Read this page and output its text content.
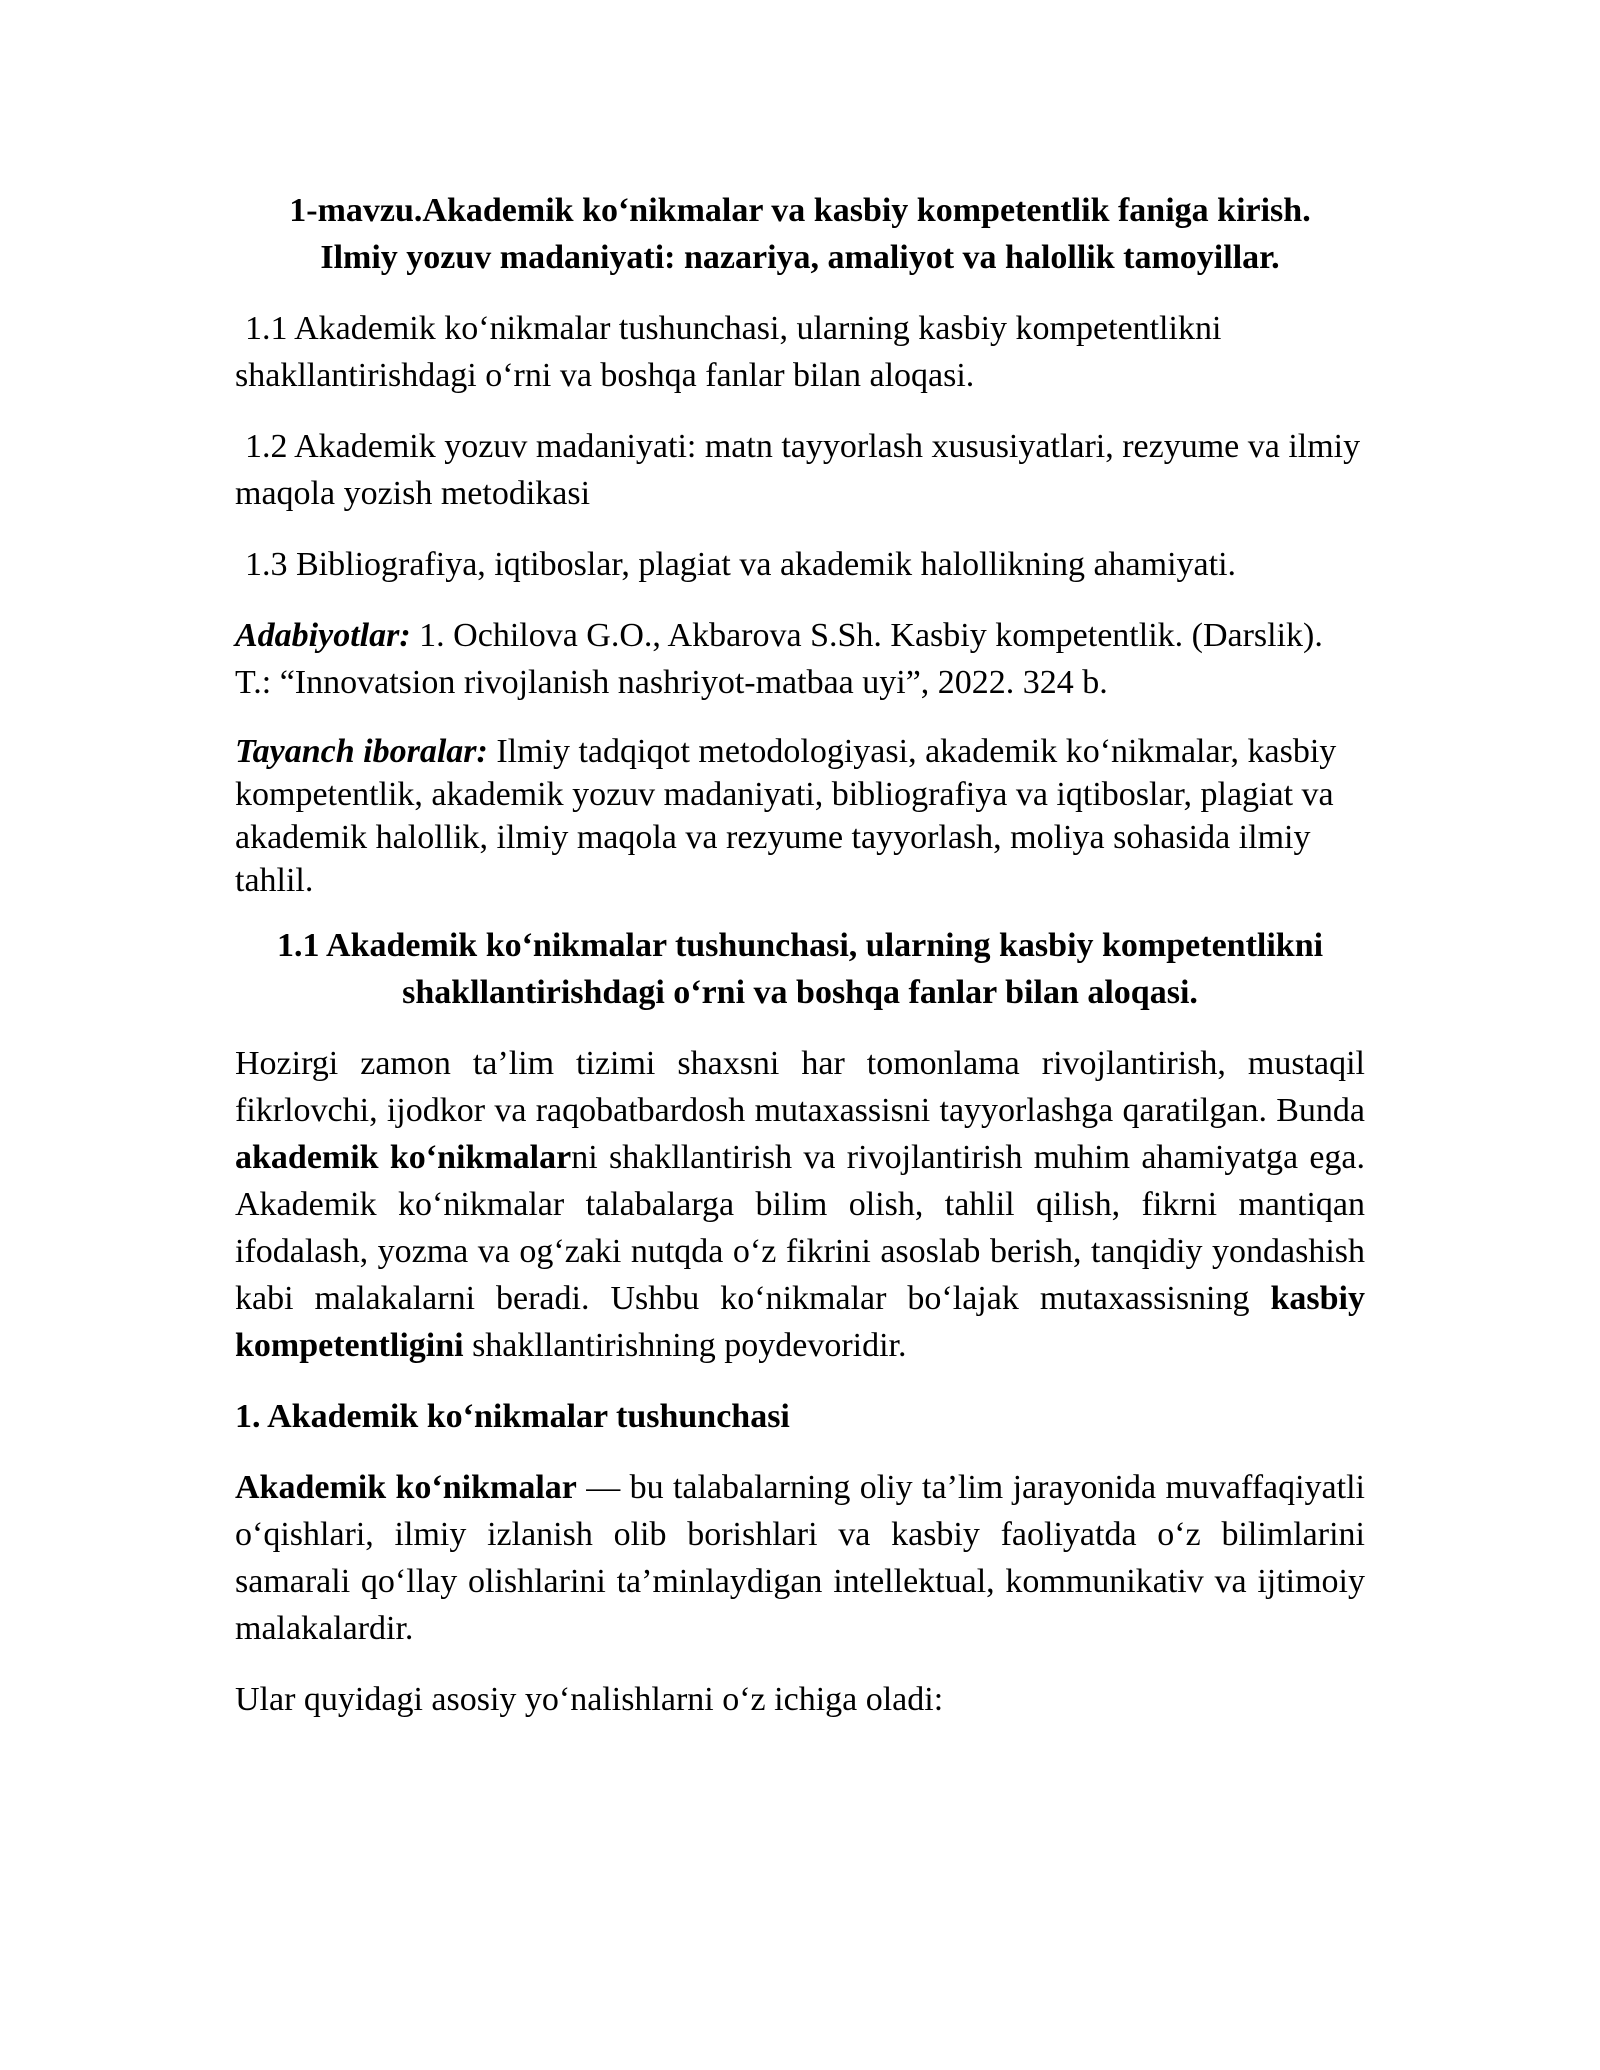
1-mavzu.Akademik ko‘nikmalar va kasbiy kompetentlik faniga kirish.
Ilmiy yozuv madaniyati: nazariya, amaliyot va halollik tamoyillar.

1.1 Akademik ko‘nikmalar tushunchasi, ularning kasbiy kompetentlikni shakllantirishdagi o‘rni va boshqa fanlar bilan aloqasi.

1.2 Akademik yozuv madaniyati: matn tayyorlash xususiyatlari, rezyume va ilmiy maqola yozish metodikasi

1.3 Bibliografiya, iqtiboslar, plagiat va akademik halollikning ahamiyati.

Adabiyotlar: 1. Ochilova G.O., Akbarova S.Sh. Kasbiy kompetentlik. (Darslik). T.: “Innovatsion rivojlanish nashriyot-matbaa uyi”, 2022. 324 b.

Tayanch iboralar: Ilmiy tadqiqot metodologiyasi, akademik ko‘nikmalar, kasbiy kompetentlik, akademik yozuv madaniyati, bibliografiya va iqtiboslar, plagiat va akademik halollik, ilmiy maqola va rezyume tayyorlash, moliya sohasida ilmiy tahlil.

1.1 Akademik ko‘nikmalar tushunchasi, ularning kasbiy kompetentlikni
shakllantirishdagi o‘rni va boshqa fanlar bilan aloqasi.

Hozirgi zamon ta’lim tizimi shaxsni har tomonlama rivojlantirish, mustaqil fikrlovchi, ijodkor va raqobatbardosh mutaxassisni tayyorlashga qaratilgan. Bunda akademik ko‘nikmalarni shakllantirish va rivojlantirish muhim ahamiyatga ega. Akademik ko‘nikmalar talabalarga bilim olish, tahlil qilish, fikrni mantiqan ifodalash, yozma va og‘zaki nutqda o‘z fikrini asoslab berish, tanqidiy yondashish kabi malakalarni beradi. Ushbu ko‘nikmalar bo‘lajak mutaxassisning kasbiy kompetentligini shakllantirishning poydevoridir.

1. Akademik ko‘nikmalar tushunchasi

Akademik ko‘nikmalar — bu talabalarning oliy ta’lim jarayonida muvaffaqiyatli o‘qishlari, ilmiy izlanish olib borishlari va kasbiy faoliyatda o‘z bilimlarini samarali qo‘llay olishlarini ta’minlaydigan intellektual, kommunikativ va ijtimoiy malakalardir.

Ular quyidagi asosiy yo‘nalishlarni o‘z ichiga oladi:
